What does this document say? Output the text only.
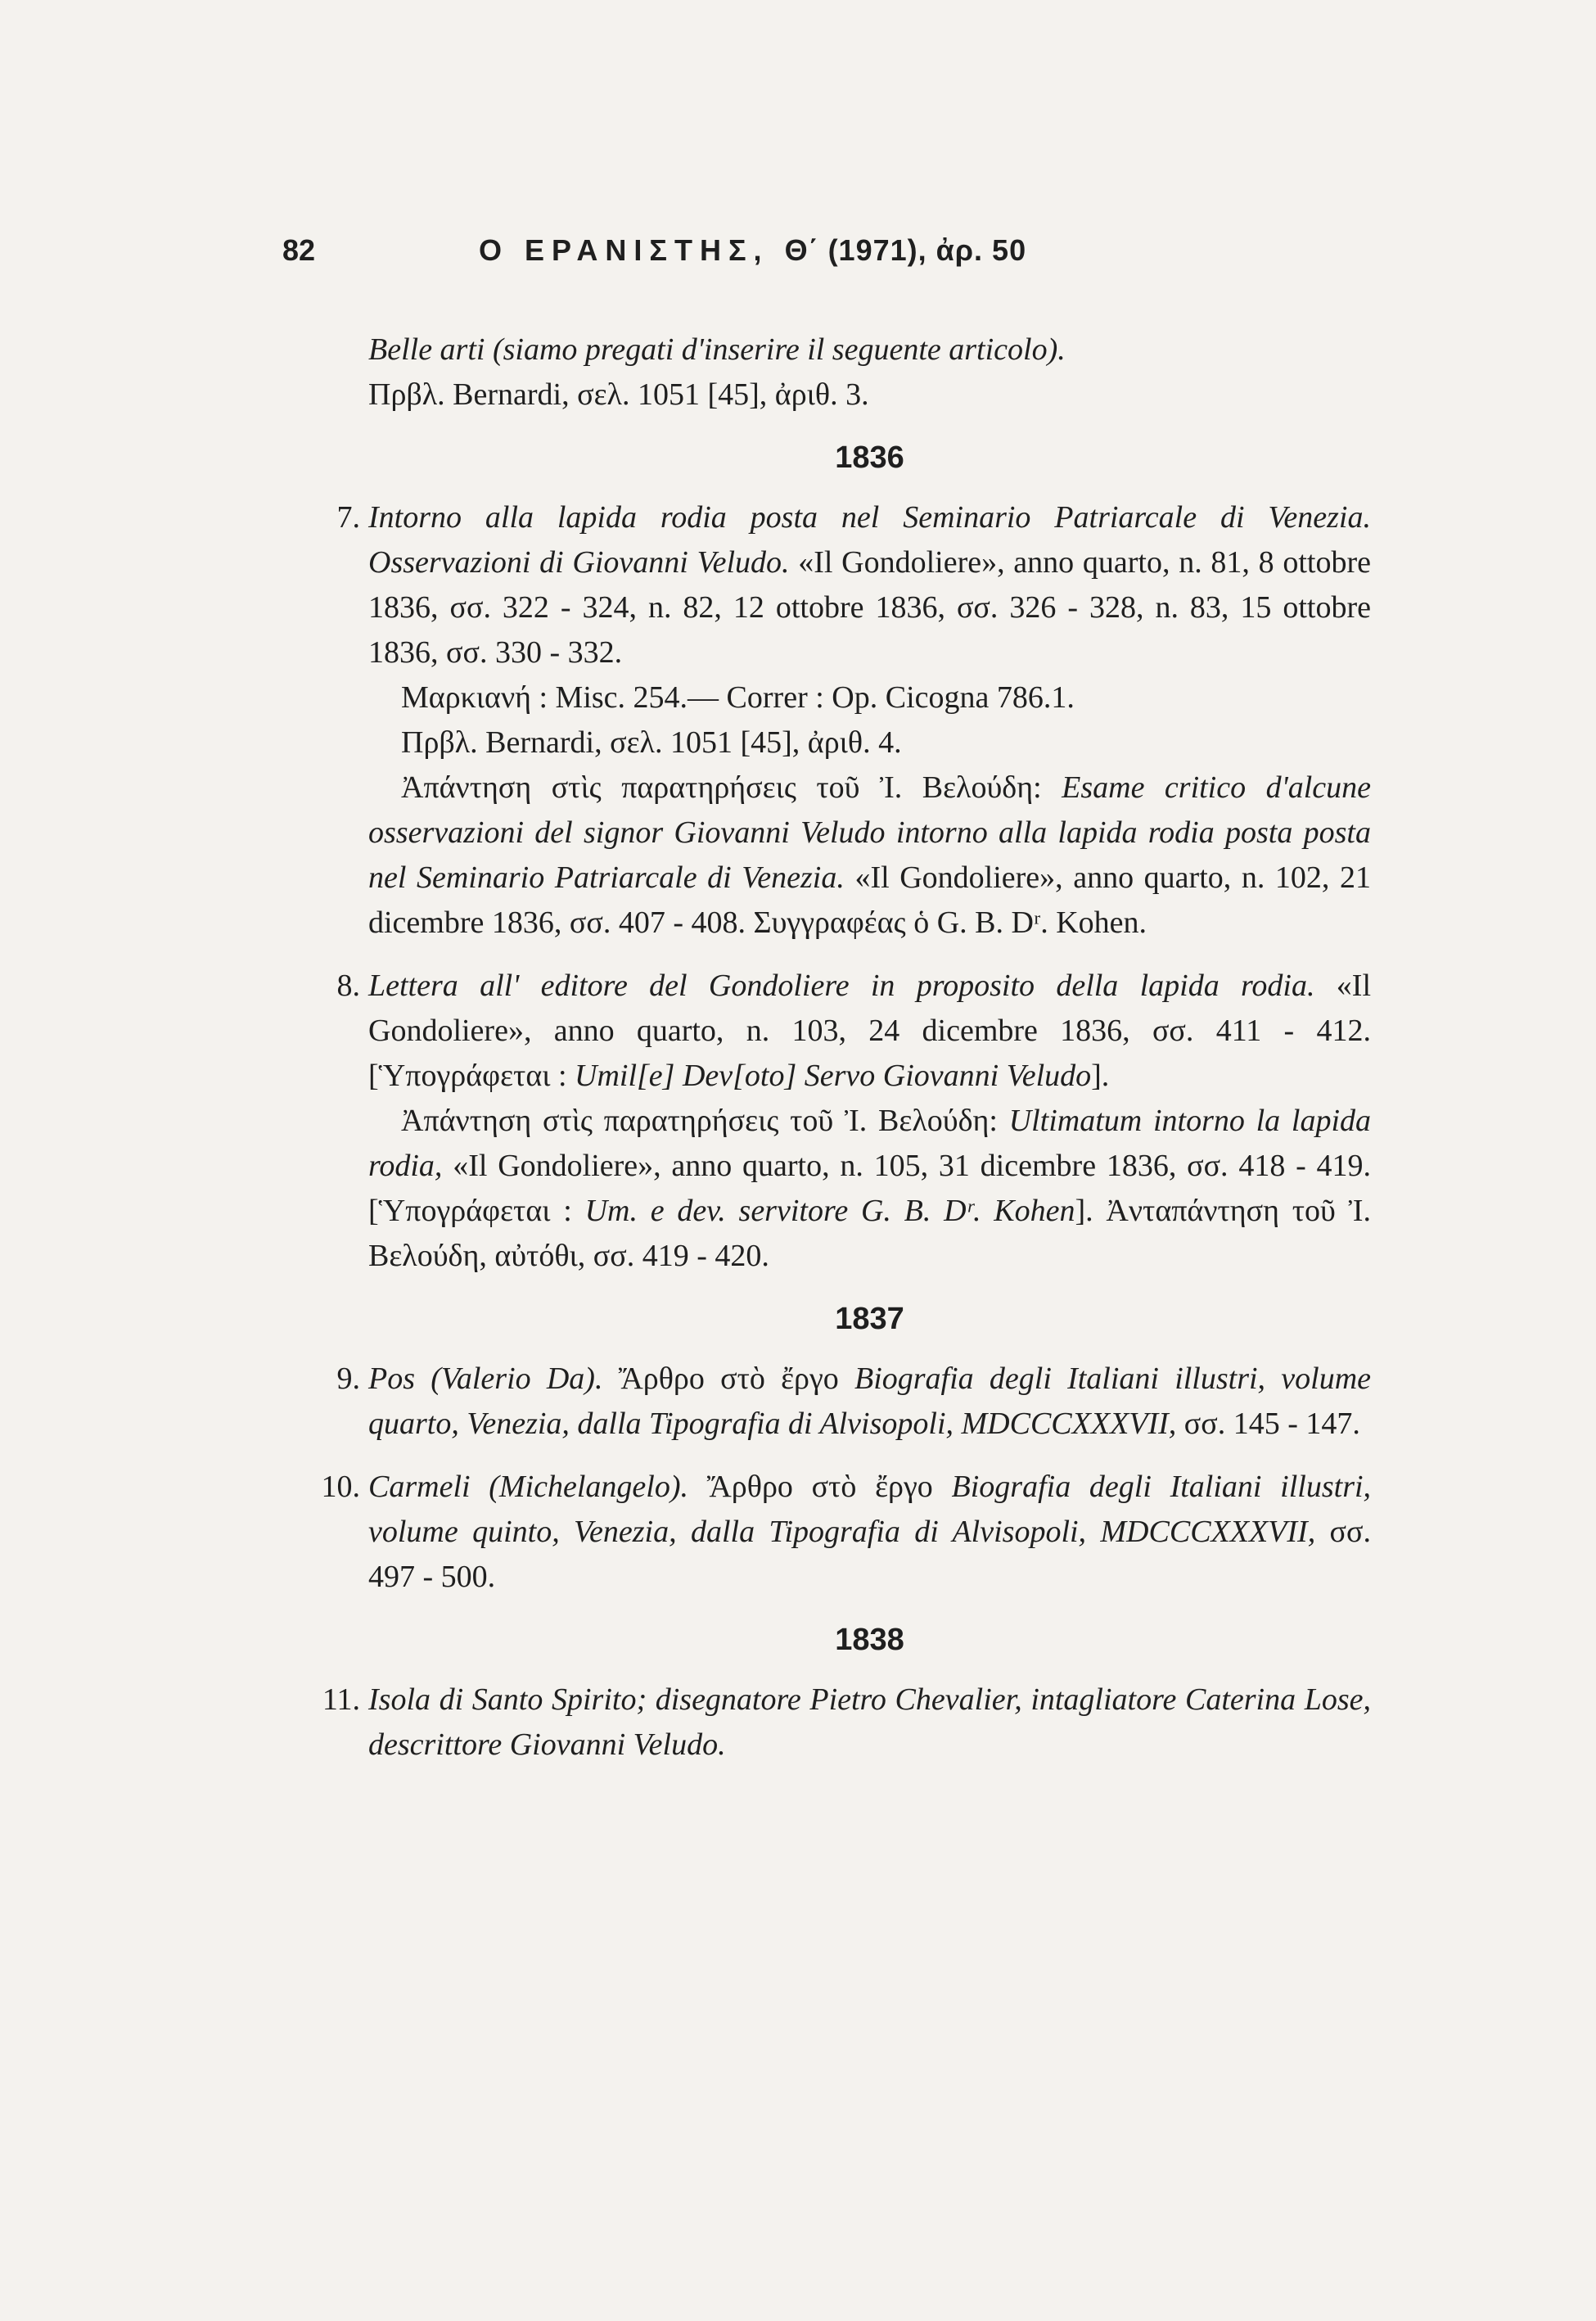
82	Ο ΕΡΑΝΙΣΤΗΣ, Θ΄ (1971), ἀρ. 50

Belle arti (siamo pregati d'inserire il seguente articolo).

Πρβλ. Bernardi, σελ. 1051 [45], ἀριθ. 3.

1836
7. Intorno alla lapida rodia posta nel Seminario Patriarcale di Venezia. Osservazioni di Giovanni Veludo. «Il Gondoliere», anno quarto, n. 81, 8 ottobre 1836, σσ. 322 - 324, n. 82, 12 ottobre 1836, σσ. 326 - 328, n. 83, 15 ottobre 1836, σσ. 330 - 332.

Μαρκιανή : Misc. 254.— Correr : Op. Cicogna 786.1.

Πρβλ. Bernardi, σελ. 1051 [45], ἀριθ. 4.

Ἀπάντηση στὶς παρατηρήσεις τοῦ Ἰ. Βελούδη: Esame critico d'alcune osservazioni del signor Giovanni Veludo intorno alla lapida rodia posta posta nel Seminario Patriarcale di Venezia. «Il Gondoliere», anno quarto, n. 102, 21 dicembre 1836, σσ. 407 - 408. Συγγραφέας ὁ G. B. Dʳ. Kohen.

8. Lettera all' editore del Gondoliere in proposito della lapida rodia. «Il Gondoliere», anno quarto, n. 103, 24 dicembre 1836, σσ. 411 - 412. [Ὑπογράφεται : Umil[e] Dev[oto] Servo Giovanni Veludo].

Ἀπάντηση στὶς παρατηρήσεις τοῦ Ἰ. Βελούδη: Ultimatum intorno la lapida rodia, «Il Gondoliere», anno quarto, n. 105, 31 dicembre 1836, σσ. 418 - 419. [Ὑπογράφεται : Um. e dev. servitore G. B. Dʳ. Kohen]. Ἀνταπάντηση τοῦ Ἰ. Βελούδη, αὐτόθι, σσ. 419 - 420.

1837
9. Pos (Valerio Da). Ἄρθρο στὸ ἔργο Biografia degli Italiani illustri, volume quarto, Venezia, dalla Tipografia di Alvisopoli, MDCCCXXXVII, σσ. 145 - 147.

10. Carmeli (Michelangelo). Ἄρθρο στὸ ἔργο Biografia degli Italiani illustri, volume quinto, Venezia, dalla Tipografia di Alvisopoli, MDCCCXXXVII, σσ. 497 - 500.

1838
11. Isola di Santo Spirito; disegnatore Pietro Chevalier, intagliatore Caterina Lose, descrittore Giovanni Veludo.
